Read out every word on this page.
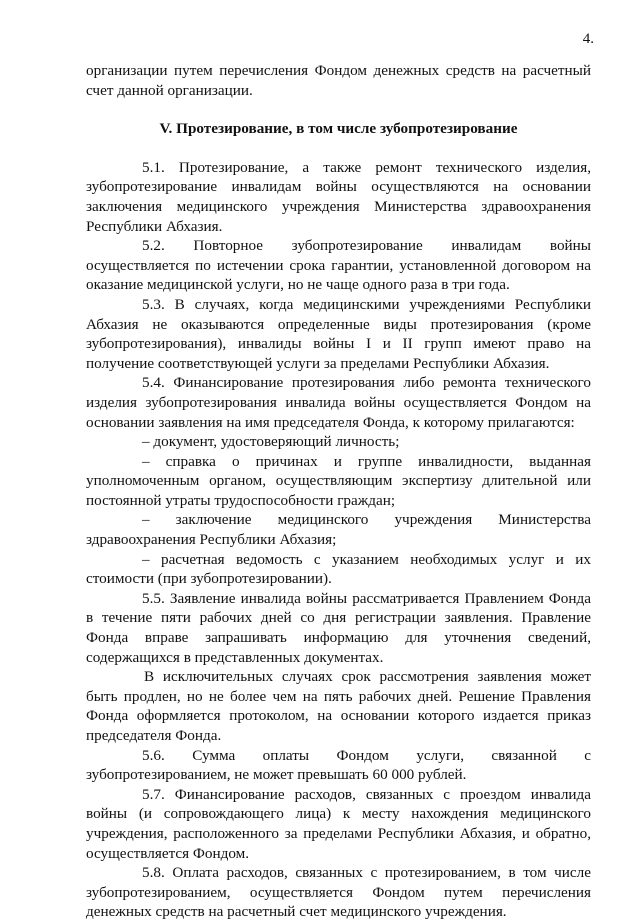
4.

организации путем перечисления Фондом денежных средств на расчетный счет данной организации.

V. Протезирование, в том числе зубопротезирование

5.1. Протезирование, а также ремонт технического изделия, зубопротезирование инвалидам войны осуществляются на основании заключения медицинского учреждения Министерства здравоохранения Республики Абхазия.

5.2. Повторное зубопротезирование инвалидам войны осуществляется по истечении срока гарантии, установленной договором на оказание медицинской услуги, но не чаще одного раза в три года.

5.3. В случаях, когда медицинскими учреждениями Республики Абхазия не оказываются определенные виды протезирования (кроме зубопротезирования), инвалиды войны I и II групп имеют право на получение соответствующей услуги за пределами Республики Абхазия.

5.4. Финансирование протезирования либо ремонта технического изделия зубопротезирования инвалида войны осуществляется Фондом на основании заявления на имя председателя Фонда, к которому прилагаются:

– документ, удостоверяющий личность;

– справка о причинах и группе инвалидности, выданная уполномоченным органом, осуществляющим экспертизу длительной или постоянной утраты трудоспособности граждан;

– заключение медицинского учреждения Министерства здравоохранения Республики Абхазия;

– расчетная ведомость с указанием необходимых услуг и их стоимости (при зубопротезировании).

5.5. Заявление инвалида войны рассматривается Правлением Фонда в течение пяти рабочих дней со дня регистрации заявления. Правление Фонда вправе запрашивать информацию для уточнения сведений, содержащихся в представленных документах.

В исключительных случаях срок рассмотрения заявления может быть продлен, но не более чем на пять рабочих дней. Решение Правления Фонда оформляется протоколом, на основании которого издается приказ председателя Фонда.

5.6. Сумма оплаты Фондом услуги, связанной с зубопротезированием, не может превышать 60 000 рублей.

5.7. Финансирование расходов, связанных с проездом инвалида войны (и сопровождающего лица) к месту нахождения медицинского учреждения, расположенного за пределами Республики Абхазия, и обратно, осуществляется Фондом.

5.8. Оплата расходов, связанных с протезированием, в том числе зубопротезированием, осуществляется Фондом путем перечисления денежных средств на расчетный счет медицинского учреждения.
